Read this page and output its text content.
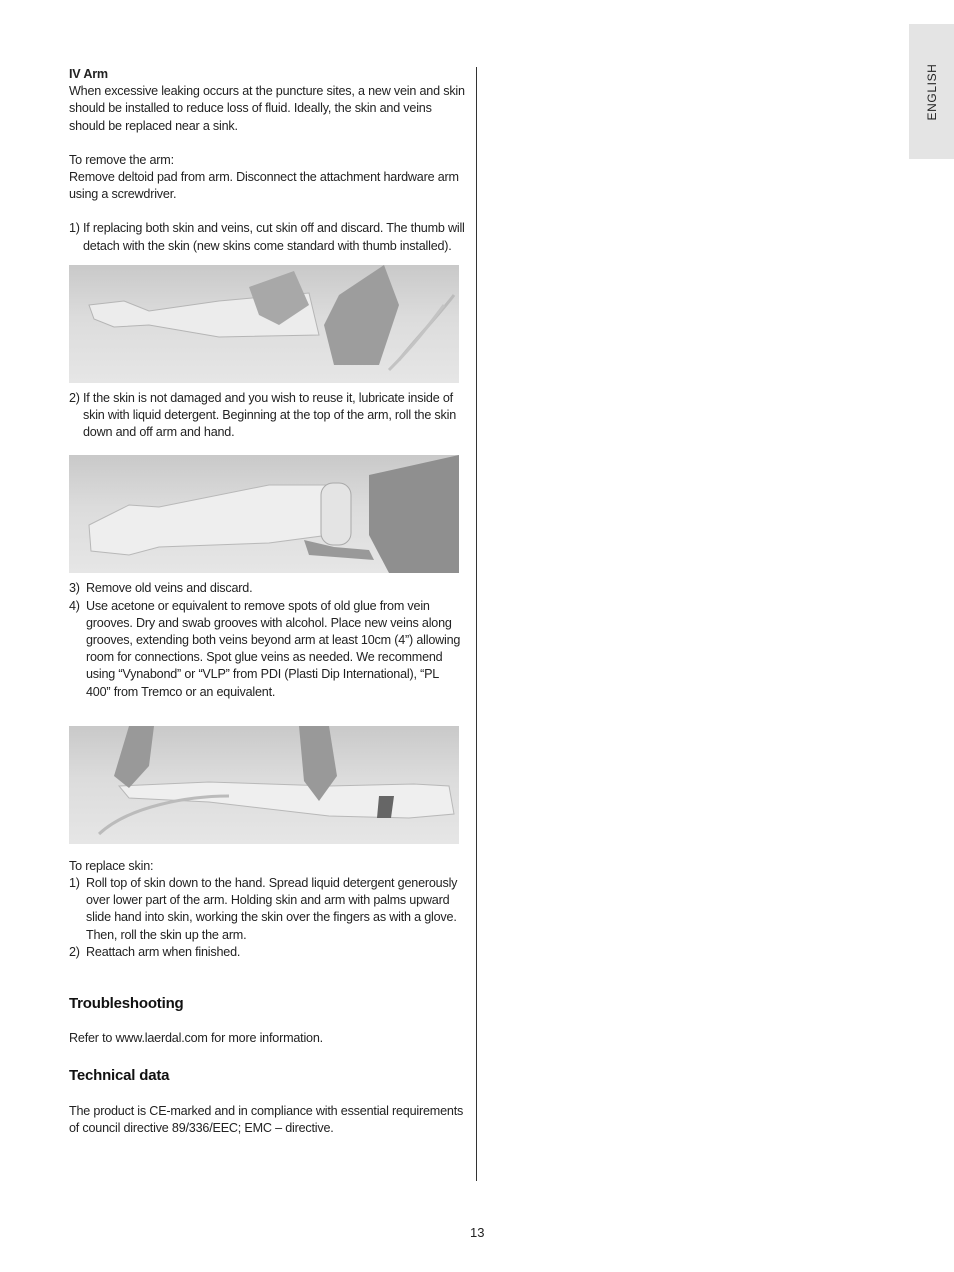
ENGLISH

IV Arm

When excessive leaking occurs at the puncture sites, a new vein and skin should be installed to reduce loss of fluid. Ideally, the skin and veins should be replaced near a sink.

To remove the arm:

Remove deltoid pad from arm. Disconnect the attachment hardware arm using a screwdriver.

1) If replacing both skin and veins, cut skin off and discard. The thumb will detach with the skin (new skins come standard with thumb installed).
2) If the skin is not damaged and you wish to reuse it, lubricate inside of skin with liquid detergent. Beginning at the top of the arm, roll the skin down and off arm and hand.
3) Remove old veins and discard.
4) Use acetone or equivalent to remove spots of old glue from vein grooves. Dry and swab grooves with alcohol. Place new veins along grooves, extending both veins beyond arm at least 10cm (4”) allowing room for connections. Spot glue veins as needed. We recommend using “Vynabond” or “VLP” from PDI (Plasti Dip International), “PL 400” from Tremco or an equivalent.

To replace skin:

1) Roll top of skin down to the hand. Spread liquid detergent generously over lower part of the arm. Holding skin and arm with palms upward slide hand into skin, working the skin over the fingers as with a glove. Then, roll the skin up the arm.
2) Reattach arm when finished.

Troubleshooting

Refer to www.laerdal.com for more information.

Technical data

The product is CE-marked and in compliance with essential requirements of council directive 89/336/EEC; EMC – directive.

13
